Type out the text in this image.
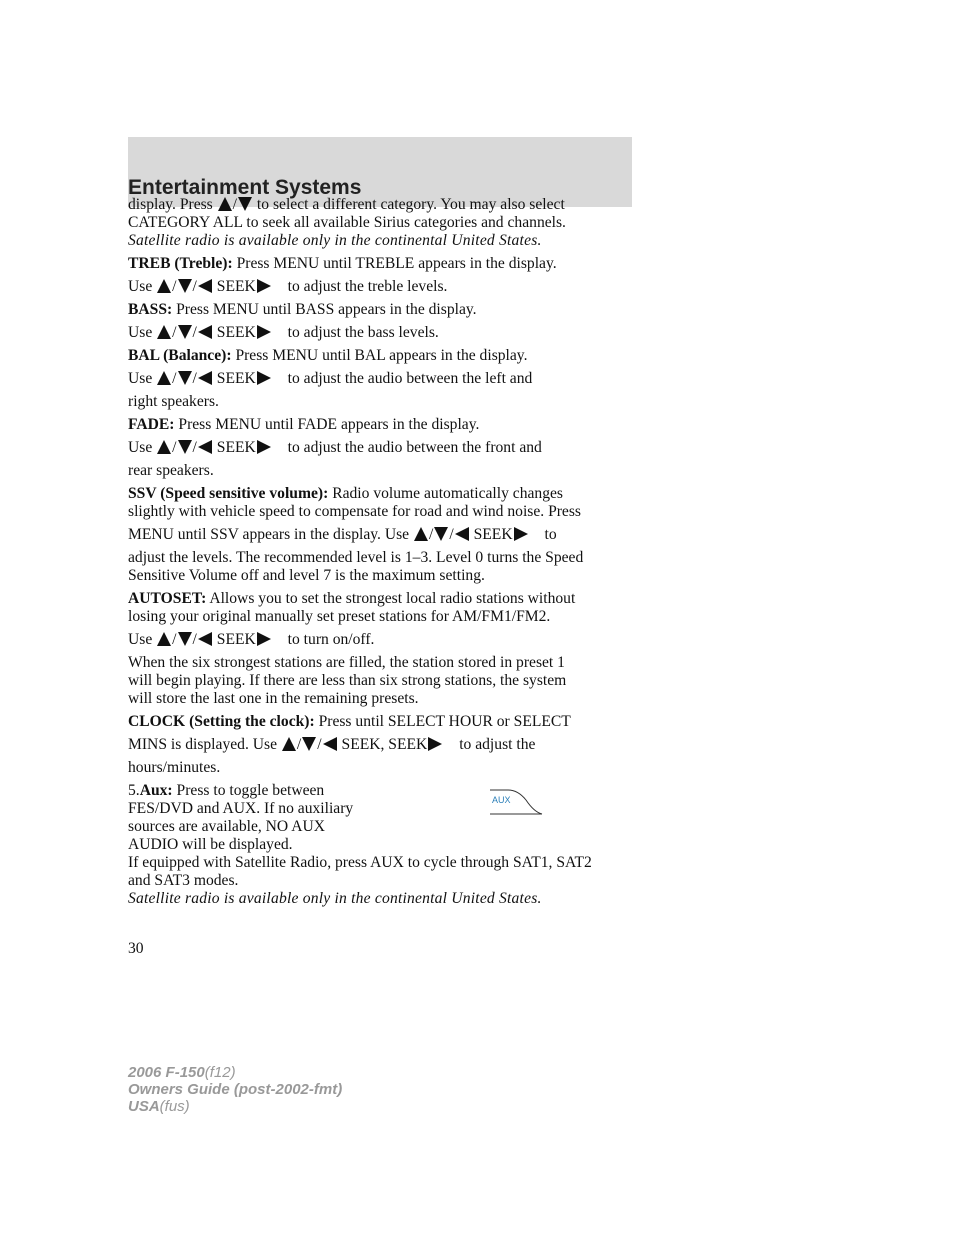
Entertainment Systems

display. Press / to select a different category. You may also select

CATEGORY ALL to seek all available Sirius categories and channels.

Satellite radio is available only in the continental United States.

TREB (Treble): Press MENU until TREBLE appears in the display.

Use / / SEEK to adjust the treble levels.

BASS: Press MENU until BASS appears in the display.

Use / / SEEK to adjust the bass levels.

BAL (Balance): Press MENU until BAL appears in the display.

Use / / SEEK to adjust the audio between the left and

right speakers.

FADE: Press MENU until FADE appears in the display.

Use / / SEEK to adjust the audio between the front and

rear speakers.

SSV (Speed sensitive volume): Radio volume automatically changes

slightly with vehicle speed to compensate for road and wind noise. Press

MENU until SSV appears in the display. Use / / SEEK to

adjust the levels. The recommended level is 1–3. Level 0 turns the Speed

Sensitive Volume off and level 7 is the maximum setting.

AUTOSET: Allows you to set the strongest local radio stations without

losing your original manually set preset stations for AM/FM1/FM2.

Use / / SEEK to turn on/off.

When the six strongest stations are filled, the station stored in preset 1

will begin playing. If there are less than six strong stations, the system

will store the last one in the remaining presets.

CLOCK (Setting the clock): Press until SELECT HOUR or SELECT

MINS is displayed. Use / / SEEK, SEEK to adjust the

hours/minutes.

5.Aux: Press to toggle between

FES/DVD and AUX. If no auxiliary

sources are available, NO AUX

AUDIO will be displayed.

AUX

If equipped with Satellite Radio, press AUX to cycle through SAT1, SAT2

and SAT3 modes.

Satellite radio is available only in the continental United States.

30
2006 F-150(f12)
Owners Guide (post-2002-fmt)
USA(fus)
